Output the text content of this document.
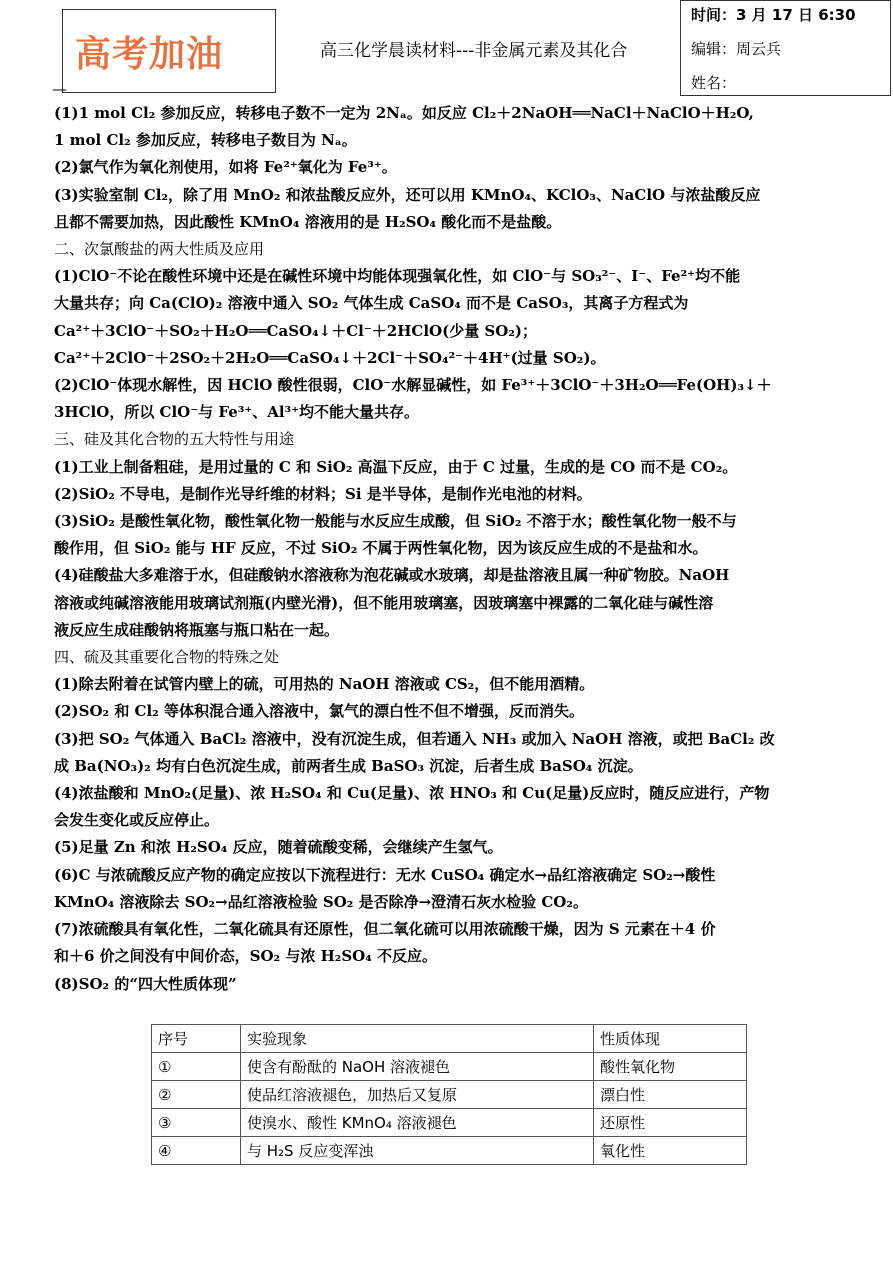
高考加油	高三化学晨读材料---非金属元素及其化合
—
时间：3 月 17 日 6:30
编辑：周云兵
姓名：

(1)1 mol Cl₂ 参加反应，转移电子数不一定为 2Nₐ。如反应 Cl₂＋2NaOH══NaCl＋NaClO＋H₂O,

1 mol Cl₂ 参加反应，转移电子数目为 Nₐ。

(2)氯气作为氧化剂使用，如将 Fe²⁺氧化为 Fe³⁺。

(3)实验室制 Cl₂，除了用 MnO₂ 和浓盐酸反应外，还可以用 KMnO₄、KClO₃、NaClO 与浓盐酸反应

且都不需要加热，因此酸性 KMnO₄ 溶液用的是 H₂SO₄ 酸化而不是盐酸。

二、次氯酸盐的两大性质及应用

(1)ClO⁻不论在酸性环境中还是在碱性环境中均能体现强氧化性，如 ClO⁻与 SO₃²⁻、I⁻、Fe²⁺均不能

大量共存；向 Ca(ClO)₂ 溶液中通入 SO₂ 气体生成 CaSO₄ 而不是 CaSO₃，其离子方程式为

Ca²⁺＋3ClO⁻＋SO₂＋H₂O══CaSO₄↓＋Cl⁻＋2HClO(少量 SO₂)；

Ca²⁺＋2ClO⁻＋2SO₂＋2H₂O══CaSO₄↓＋2Cl⁻＋SO₄²⁻＋4H⁺(过量 SO₂)。

(2)ClO⁻体现水解性，因 HClO 酸性很弱，ClO⁻水解显碱性，如 Fe³⁺＋3ClO⁻＋3H₂O══Fe(OH)₃↓＋

3HClO，所以 ClO⁻与 Fe³⁺、Al³⁺均不能大量共存。

三、硅及其化合物的五大特性与用途

(1)工业上制备粗硅，是用过量的 C 和 SiO₂ 高温下反应，由于 C 过量，生成的是 CO 而不是 CO₂。

(2)SiO₂ 不导电，是制作光导纤维的材料；Si 是半导体，是制作光电池的材料。

(3)SiO₂ 是酸性氧化物，酸性氧化物一般能与水反应生成酸，但 SiO₂ 不溶于水；酸性氧化物一般不与

酸作用，但 SiO₂ 能与 HF 反应，不过 SiO₂ 不属于两性氧化物，因为该反应生成的不是盐和水。

(4)硅酸盐大多难溶于水，但硅酸钠水溶液称为泡花碱或水玻璃，却是盐溶液且属一种矿物胶。NaOH

溶液或纯碱溶液能用玻璃试剂瓶(内壁光滑)，但不能用玻璃塞，因玻璃塞中裸露的二氧化硅与碱性溶

液反应生成硅酸钠将瓶塞与瓶口粘在一起。

四、硫及其重要化合物的特殊之处

(1)除去附着在试管内壁上的硫，可用热的 NaOH 溶液或 CS₂，但不能用酒精。

(2)SO₂ 和 Cl₂ 等体积混合通入溶液中，氯气的漂白性不但不增强，反而消失。

(3)把 SO₂ 气体通入 BaCl₂ 溶液中，没有沉淀生成，但若通入 NH₃ 或加入 NaOH 溶液，或把 BaCl₂ 改

成 Ba(NO₃)₂ 均有白色沉淀生成，前两者生成 BaSO₃ 沉淀，后者生成 BaSO₄ 沉淀。

(4)浓盐酸和 MnO₂(足量)、浓 H₂SO₄ 和 Cu(足量)、浓 HNO₃ 和 Cu(足量)反应时，随反应进行，产物

会发生变化或反应停止。

(5)足量 Zn 和浓 H₂SO₄ 反应，随着硫酸变稀，会继续产生氢气。

(6)C 与浓硫酸反应产物的确定应按以下流程进行：无水 CuSO₄ 确定水→品红溶液确定 SO₂→酸性

KMnO₄ 溶液除去 SO₂→品红溶液检验 SO₂ 是否除净→澄清石灰水检验 CO₂。

(7)浓硫酸具有氧化性，二氧化硫具有还原性，但二氧化硫可以用浓硫酸干燥，因为 S 元素在＋4 价

和＋6 价之间没有中间价态，SO₂ 与浓 H₂SO₄ 不反应。

(8)SO₂ 的“四大性质体现”

序号	实验现象	性质体现
①	使含有酚酞的 NaOH 溶液褪色	酸性氧化物
②	使品红溶液褪色，加热后又复原	漂白性
③	使溴水、酸性 KMnO₄ 溶液褪色	还原性
④	与 H₂S 反应变浑浊	氧化性
